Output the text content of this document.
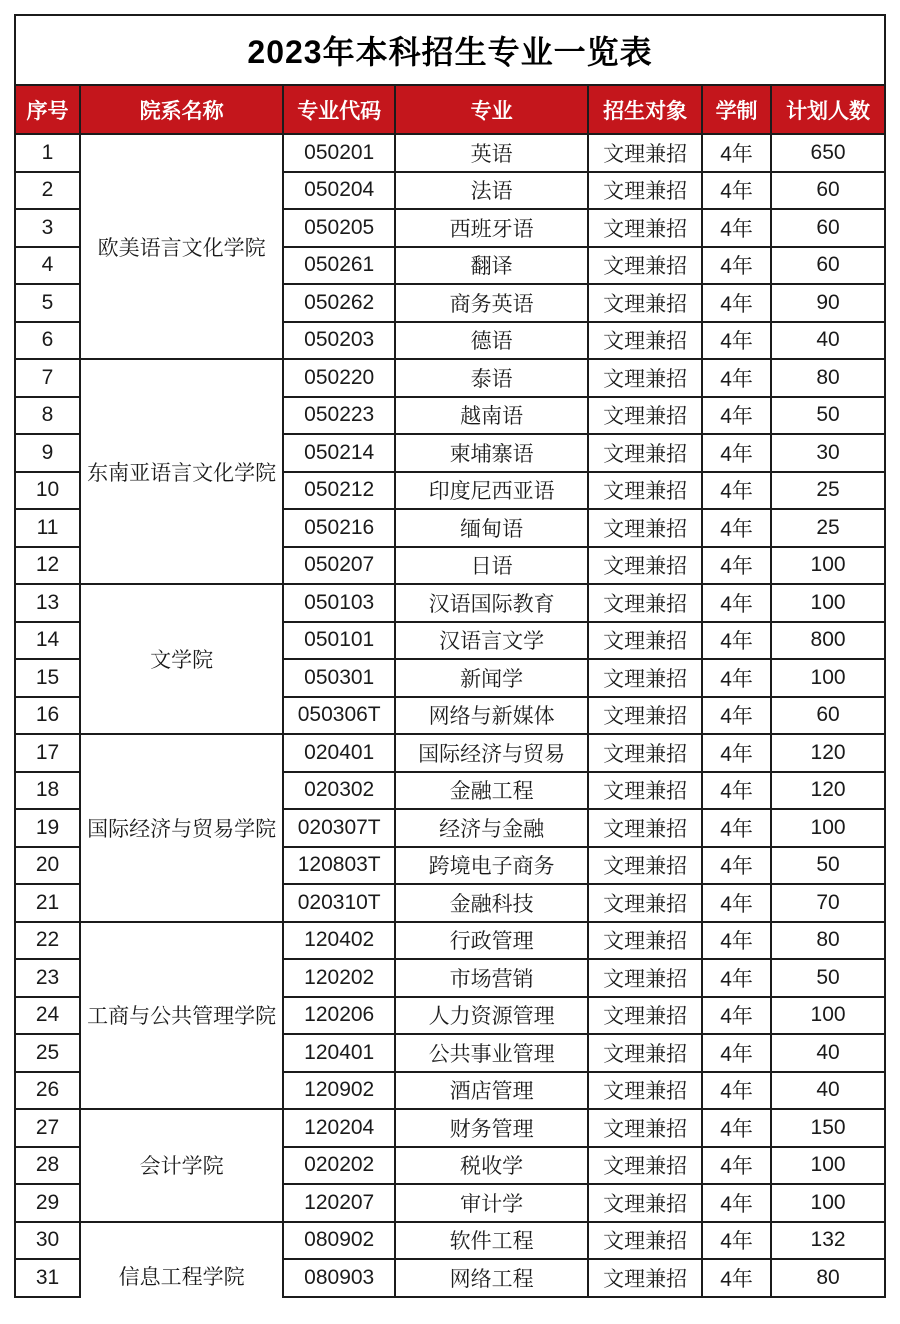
2023年本科招生专业一览表						
序号	院系名称	专业代码	专业	招生对象	学制	计划人数
1	欧美语言文化学院	050201	英语	文理兼招	4年	650
2		050204	法语	文理兼招	4年	60
3		050205	西班牙语	文理兼招	4年	60
4		050261	翻译	文理兼招	4年	60
5		050262	商务英语	文理兼招	4年	90
6		050203	德语	文理兼招	4年	40
7	东南亚语言文化学院	050220	泰语	文理兼招	4年	80
8		050223	越南语	文理兼招	4年	50
9		050214	柬埔寨语	文理兼招	4年	30
10		050212	印度尼西亚语	文理兼招	4年	25
11		050216	缅甸语	文理兼招	4年	25
12		050207	日语	文理兼招	4年	100
13	文学院	050103	汉语国际教育	文理兼招	4年	100
14		050101	汉语言文学	文理兼招	4年	800
15		050301	新闻学	文理兼招	4年	100
16		050306T	网络与新媒体	文理兼招	4年	60
17	国际经济与贸易学院	020401	国际经济与贸易	文理兼招	4年	120
18		020302	金融工程	文理兼招	4年	120
19		020307T	经济与金融	文理兼招	4年	100
20		120803T	跨境电子商务	文理兼招	4年	50
21		020310T	金融科技	文理兼招	4年	70
22	工商与公共管理学院	120402	行政管理	文理兼招	4年	80
23		120202	市场营销	文理兼招	4年	50
24		120206	人力资源管理	文理兼招	4年	100
25		120401	公共事业管理	文理兼招	4年	40
26		120902	酒店管理	文理兼招	4年	40
27	会计学院	120204	财务管理	文理兼招	4年	150
28		020202	税收学	文理兼招	4年	100
29		120207	审计学	文理兼招	4年	100
30	信息工程学院	080902	软件工程	文理兼招	4年	132
31		080903	网络工程	文理兼招	4年	80
